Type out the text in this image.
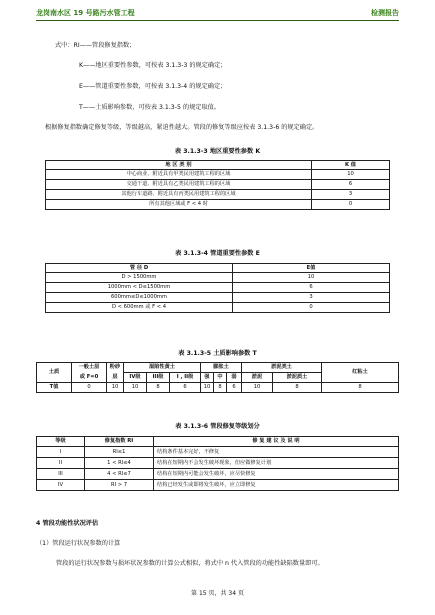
龙岗南水区 19 号路污水管工程	检测报告
式中：RI——管段修复指数；
K——地区重要性参数，可按表 3.1.3-3 的规定确定；
E——管道重要性参数，可按表 3.1.3-4 的规定确定；
T——土质影响参数，可按表 3.1.3-5 的规定取值。
根据修复指数确定修复等级，等级越高，紧迫性越大。管段的修复等级应按表 3.1.3-6 的规定确定。
表 3.1.3-3 地区重要性参数 K
地 区 类 别	K 值
中心商业、附近具有甲类民用建筑工程的区域	10
交通干道、附近具有乙类民用建筑工程的区域	6
其他行车道路、附近具有丙类民用建筑工程的区域	3
所有其他区域或 F < 4 时	0
表 3.1.3-4 管道重要性参数 E
管 径 D	E值
D > 1500mm	10
1000mm < D≤1500mm	6
600mm≤D≤1000mm	3
D < 600mm 或 F < 4	0
表 3.1.3-5 土质影响参数 T
土质	一般土层	粉砂	湿陷性黄土			膨胀土			淤泥类土		红粘土
	或 F=0	层	IV级	III级	I , II级	强	中	弱	淤泥	淤泥质土	
T值	0	10	10	8	6	10	8	6	10	8	8
表 3.1.3-6 管段修复等级划分
等级	修复指数 RI	修 复 建 议 及 说 明
I	RI≤1	结构条件基本完好，不修复
II	1 < RI≤4	结构在短期内不会发生破坏现象，但应做修复计划
III	4 < RI≤7	结构在短期内可能会发生破坏，应尽快修复
IV	RI > 7	结构已经发生或即将发生破坏，应立即修复
4 管段功能性状况评估
（1）管段运行状况参数的计算
管段的运行状况参数与损坏状况参数的计算公式相似，将式中 n 代入管段的功能性缺陷数量即可。
第 15 页，共 34 页
